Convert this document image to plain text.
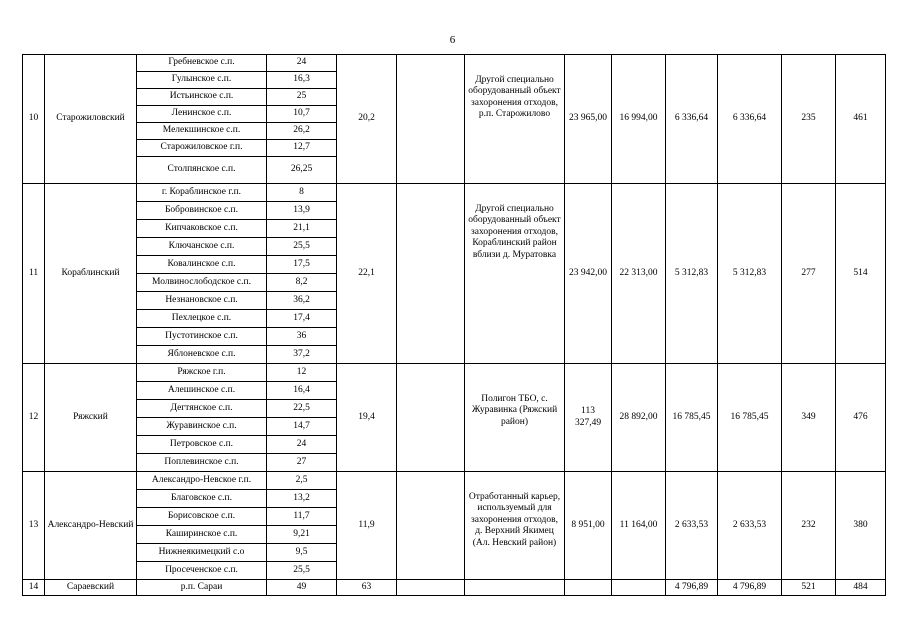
6
10	Старожиловский	Гребневское с.п.	24	20,2		Другой специально оборудованный объект захоронения отходов, р.п. Старожилово	23 965,00	16 994,00	6 336,64	6 336,64	235	461
		Гулынское с.п.	16,3									
		Истьинское с.п.	25									
		Ленинское с.п.	10,7									
		Мелекшинское с.п.	26,2									
		Старожиловское г.п.	12,7									
		Столпянское с.п.	26,25									
11	Кораблинский	г. Кораблинское г.п.	8	22,1		Другой специально оборудованный объект захоронения отходов, Кораблинский район вблизи д. Муратовка	23 942,00	22 313,00	5 312,83	5 312,83	277	514
		Бобровинское с.п.	13,9									
		Кипчаковское с.п.	21,1									
		Ключанское с.п.	25,5									
		Ковалинское с.п.	17,5									
		Молвинослободское с.п.	8,2									
		Незнановское с.п.	36,2									
		Пехлецкое с.п.	17,4									
		Пустотинское с.п.	36									
		Яблоневское с.п.	37,2									
12	Ряжский	Ряжское г.п.	12	19,4		Полигон ТБО, с. Журавинка (Ряжский район)	113 327,49	28 892,00	16 785,45	16 785,45	349	476
		Алешинское с.п.	16,4									
		Дегтянское с.п.	22,5									
		Журавинское с.п.	14,7									
		Петровское с.п.	24									
		Поплевинское с.п.	27									
13	Александро-Невский	Александро-Невское г.п.	2,5	11,9		Отработанный карьер, используемый для захоронения отходов, д. Верхний Якимец (Ал. Невский район)	8 951,00	11 164,00	2 633,53	2 633,53	232	380
		Благовское с.п.	13,2									
		Борисовское с.п.	11,7									
		Каширинское с.п.	9,21									
		Нижнеякимецкий с.о	9,5									
		Просеченское с.п.	25,5									
14	Сараевский	р.п. Сараи	49	63					4 796,89	4 796,89	521	484
